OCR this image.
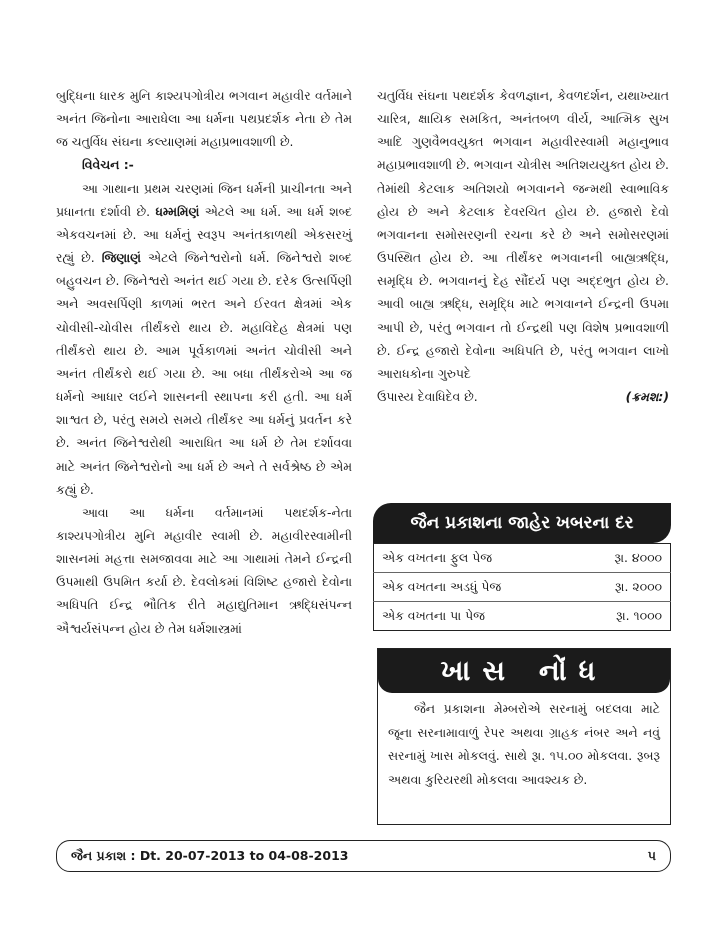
બુદ્ધિના ધારક મુનિ કાશ્યપગોત્રીય ભગવાન મહાવીર વર્તમાને અનંત જિનોના આરાધેલા આ ધર્મના પથપ્રદર્શક નેતા છે તેમ જ ચતુર્વિધ સંઘના કલ્યાણમાં મહાપ્રભાવશાળી છે.

વિવેચન :-

આ ગાથાના પ્રથમ ચરણમાં જિન ધર્મની પ્રાચીનતા અને પ્રધાનતા દર્શાવી છે. ધમ્મમિણં એટલે આ ધર્મ. આ ધર્મ શબ્દ એકવચનમાં છે. આ ધર્મનું સ્વરૂપ અનંતકાળથી એકસરખું રહ્યું છે. જિણાણં એટલે જિનેશ્વરોનો ધર્મ. જિનેશ્વરો શબ્દ બહુવચન છે. જિનેશ્વરો અનંત થઈ ગયા છે. દરેક ઉત્સર્પિણી અને અવસર્પિણી કાળમાં ભરત અને ઈરવત ક્ષેત્રમાં એક ચોવીસી-ચોવીસ તીર્થંકરો થાય છે. મહાવિદેહ ક્ષેત્રમાં પણ તીર્થંકરો થાય છે. આમ પૂર્વકાળમાં અનંત ચોવીસી અને અનંત તીર્થંકરો થઈ ગયા છે. આ બધા તીર્થંકરોએ આ જ ધર્મનો આધાર લઈને શાસનની સ્થાપના કરી હતી. આ ધર્મ શાશ્વત છે, પરંતુ સમયે સમયે તીર્થંકર આ ધર્મનું પ્રવર્તન કરે છે. અનંત જિનેશ્વરોથી આરાધિત આ ધર્મ છે તેમ દર્શાવવા માટે અનંત જિનેશ્વરોનો આ ધર્મ છે અને તે સર્વશ્રેષ્ઠ છે એમ કહ્યું છે.

આવા આ ધર્મના વર્તમાનમાં પથદર્શક-નેતા કાશ્યપગોત્રીય મુનિ મહાવીર સ્વામી છે. મહાવીરસ્વામીની શાસનમાં મહત્તા સમજાવવા માટે આ ગાથામાં તેમને ઈન્દ્રની ઉપમાથી ઉપમિત કર્યા છે. દેવલોકમાં વિશિષ્ટ હજારો દેવોના અધિપતિ ઈન્દ્ર ભૌતિક રીતે મહાદ્યુતિમાન ઋદ્ધિસંપન્ન ઐશ્વર્યસંપન્ન હોય છે તેમ ધર્મશાસ્ત્રમાં

ચતુર્વિધ સંઘના પથદર્શક કેવળજ્ઞાન, કેવળદર્શન, યથાખ્યાત ચારિત્ર, ક્ષાયિક સમકિત, અનંતબળ વીર્ય, આત્મિક સુખ આદિ ગુણવૈભવયુક્ત ભગવાન મહાવીરસ્વામી મહાનુભાવ મહાપ્રભાવશાળી છે. ભગવાન ચોત્રીસ અતિશયયુક્ત હોય છે. તેમાંથી કેટલાક અતિશયો ભગવાનને જન્મથી સ્વાભાવિક હોય છે અને કેટલાક દેવરચિત હોય છે. હજારો દેવો ભગવાનના સમોસરણની રચના કરે છે અને સમોસરણમાં ઉપસ્થિત હોય છે. આ તીર્થંકર ભગવાનની બાહ્યઋદ્ધિ, સમૃદ્ધિ છે. ભગવાનનું દેહ સૌંદર્ય પણ અદ્દભુત હોય છે. આવી બાહ્ય ઋદ્ધિ, સમૃદ્ધિ માટે ભગવાનને ઈન્દ્રની ઉપમા આપી છે, પરંતુ ભગવાન તો ઈન્દ્રથી પણ વિશેષ પ્રભાવશાળી છે. ઈન્દ્ર હજારો દેવોના અધિપતિ છે, પરંતુ ભગવાન લાખો આરાધકોના ગુરુપદે

ઉપાસ્ય દેવાધિદેવ છે.	(ક્રમશ:)

જૈન પ્રકાશના જાહેર ખબરના દર
એક વખતના ફુલ પેજ	રૂા. ૪૦૦૦
એક વખતના અડધું પેજ	રૂા. ૨૦૦૦
એક વખતના પા પેજ	રૂા. ૧૦૦૦
ખાસ નોંધ
જૈન પ્રકાશના મેમ્બરોએ સરનામું બદલવા માટે જૂના સરનામાવાળું રેપર અથવા ગ્રાહક નંબર અને નવું સરનામું ખાસ મોકલવું. સાથે રૂા. ૧૫.૦૦ મોકલવા. રૂબરૂ અથવા કુરિયરથી મોકલવા આવશ્યક છે.
જૈન પ્રકાશ : Dt. 20-07-2013 to 04-08-2013	૫
